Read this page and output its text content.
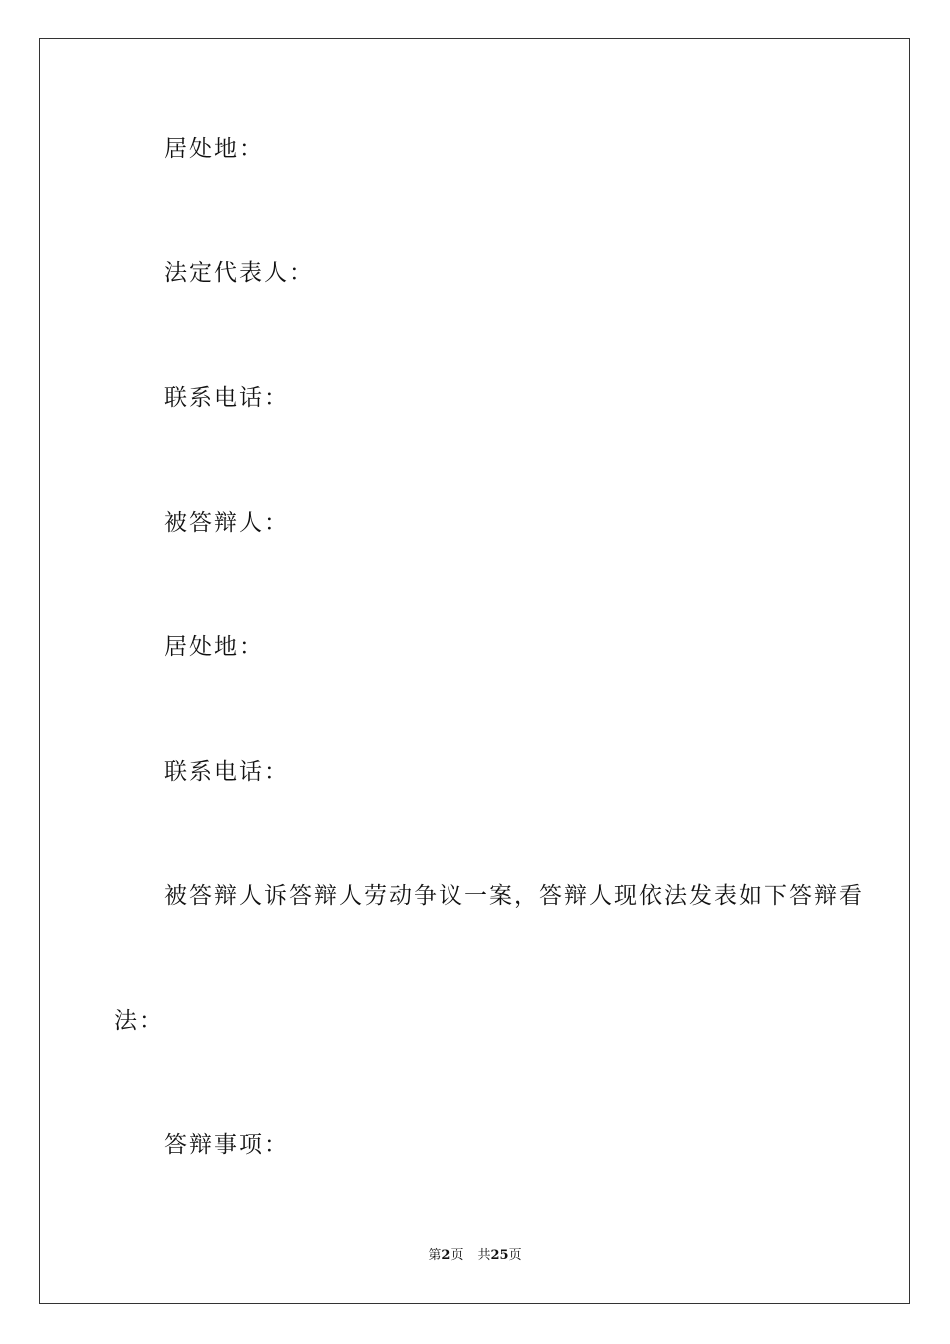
居处地：
法定代表人：
联系电话：
被答辩人：
居处地：
联系电话：
被答辩人诉答辩人劳动争议一案，答辩人现依法发表如下答辩看
法：
答辩事项：
第2页 共25页
